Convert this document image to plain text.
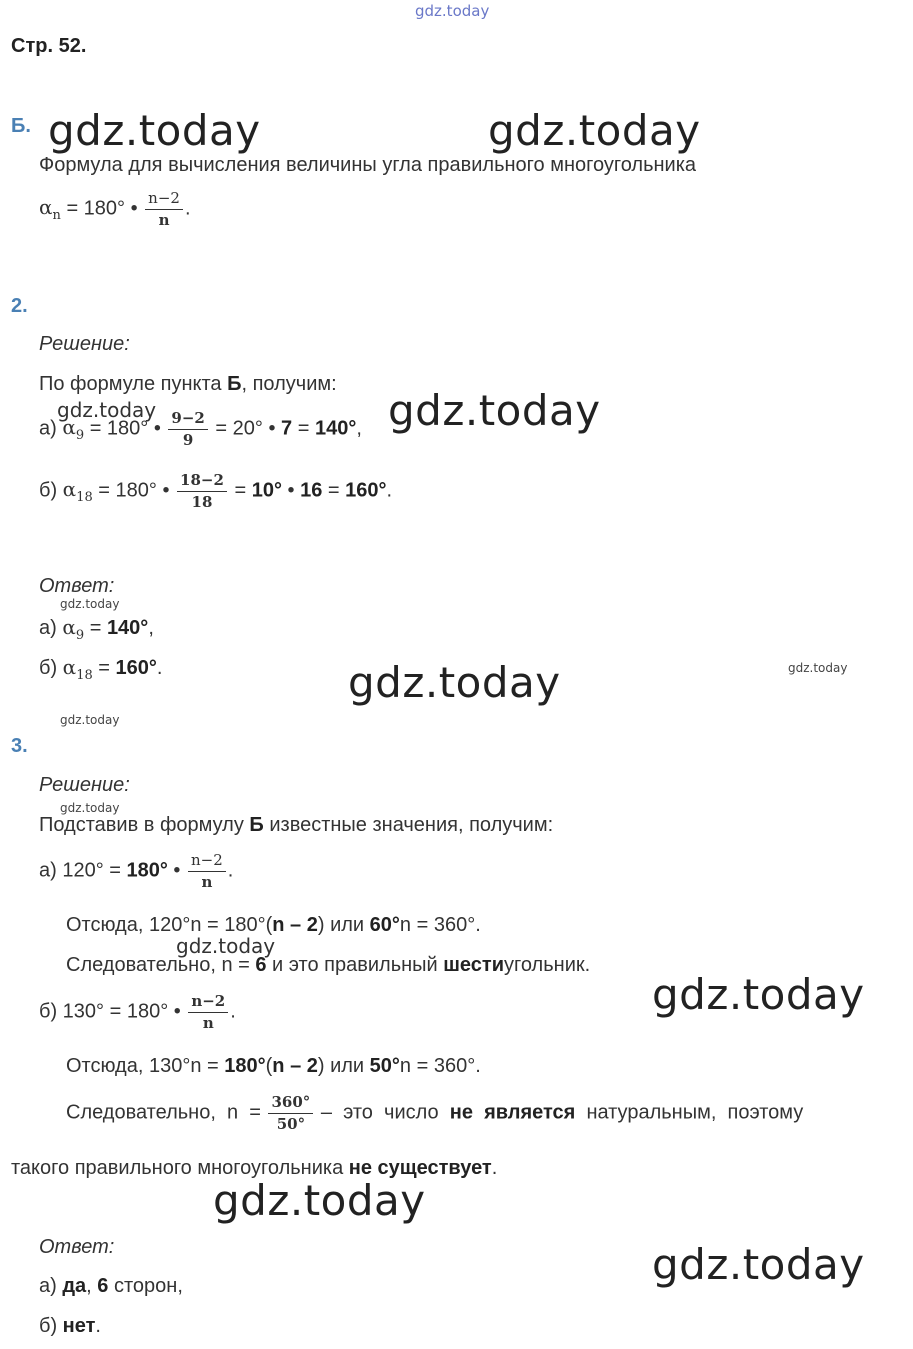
gdz.today
Стр. 52.
Б. gdz.today	gdz.today
Формула для вычисления величины угла правильного многоугольника
$\alpha_n = 180^\circ$ • $\frac{n-2}{n}$ .
2.
Решение:
По формуле пункта Б, получим:
gdz.today	gdz.today
а) $\alpha_9 = 180^\circ$ • $\frac{9-2}{9} = 20^\circ$ • 7 = 140°,
б) $\alpha_{18} = 180^\circ$ • $\frac{18-2}{18} = 10^\circ$ • 16 = 160°.
Ответ:
gdz.today
а) $\alpha_9 = 140^\circ$,
б) $\alpha_{18} = 160^\circ$.	gdz.today	gdz.today
gdz.today
3.
Решение:
gdz.today
Подставив в формулу Б известные значения, получим:
а) 120° = 180° • $\frac{n-2}{n}$ .
Отсюда, 120°n = 180°(n – 2) или 60°n = 360°.
gdz.today
Следовательно, n = 6 и это правильный шестиугольник.
gdz.today
б) 130° = 180° • $\frac{n-2}{n}$ .
Отсюда, 130°n = 180°(n – 2) или 50°n = 360°.
Следовательно,  $n = \frac{360^\circ}{50^\circ}$ –  это  число  не  является  натуральным,  поэтому
такого правильного многоугольника не существует.
gdz.today
Ответ:	gdz.today
а) да, 6 сторон,
б) нет.
